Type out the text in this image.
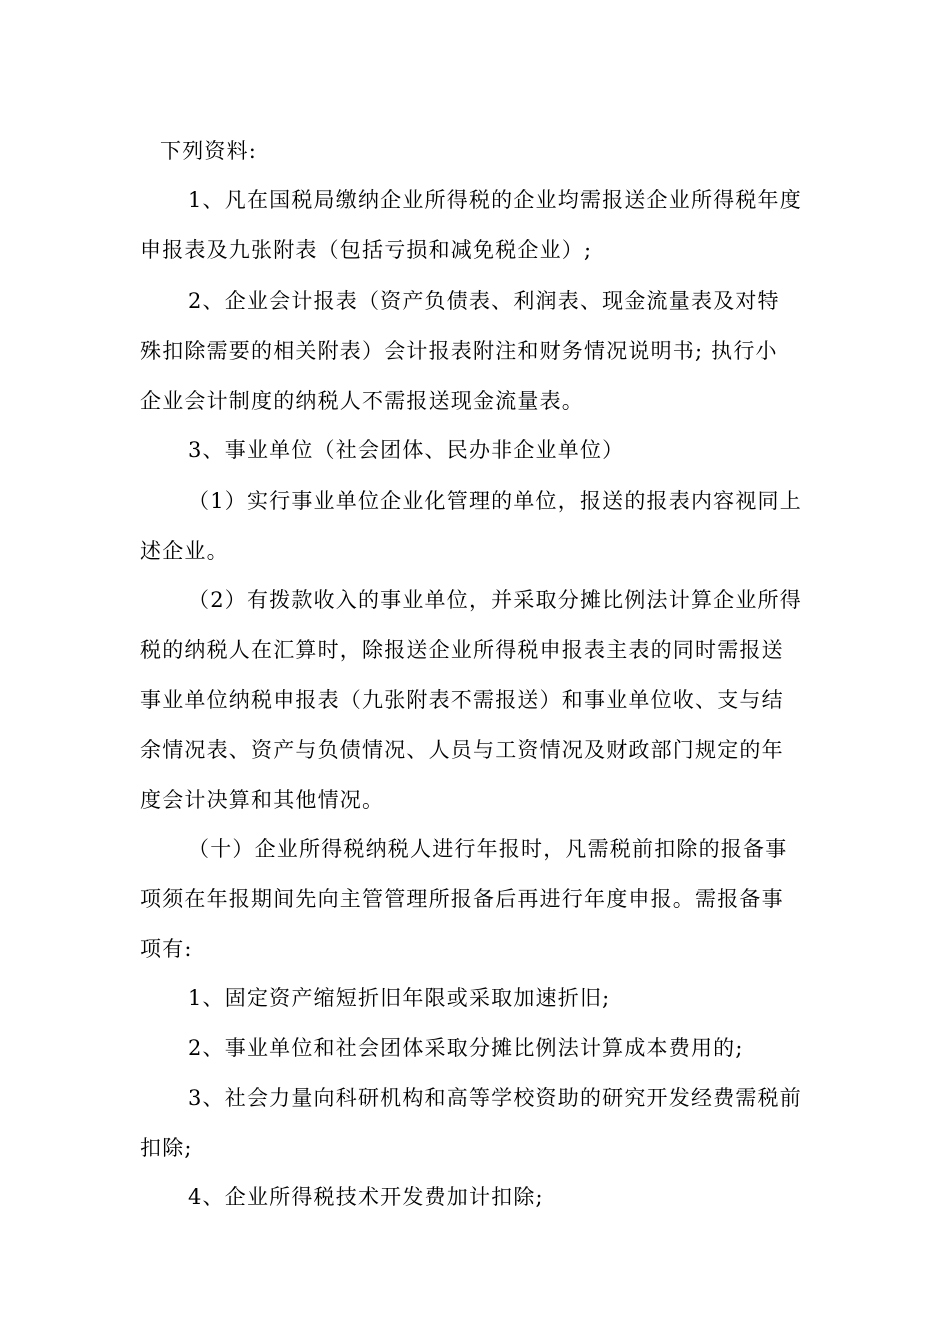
下列资料:
1、凡在国税局缴纳企业所得税的企业均需报送企业所得税年度
申报表及九张附表（包括亏损和减免税企业）;
2、企业会计报表（资产负债表、利润表、现金流量表及对特
殊扣除需要的相关附表）会计报表附注和财务情况说明书; 执行小
企业会计制度的纳税人不需报送现金流量表。
3、事业单位（社会团体、民办非企业单位）
（1）实行事业单位企业化管理的单位，报送的报表内容视同上
述企业。
（2）有拨款收入的事业单位，并采取分摊比例法计算企业所得
税的纳税人在汇算时，除报送企业所得税申报表主表的同时需报送
事业单位纳税申报表（九张附表不需报送）和事业单位收、支与结
余情况表、资产与负债情况、人员与工资情况及财政部门规定的年
度会计决算和其他情况。
（十）企业所得税纳税人进行年报时，凡需税前扣除的报备事
项须在年报期间先向主管管理所报备后再进行年度申报。需报备事
项有:
1、固定资产缩短折旧年限或采取加速折旧;
2、事业单位和社会团体采取分摊比例法计算成本费用的;
3、社会力量向科研机构和高等学校资助的研究开发经费需税前
扣除;
4、企业所得税技术开发费加计扣除;
